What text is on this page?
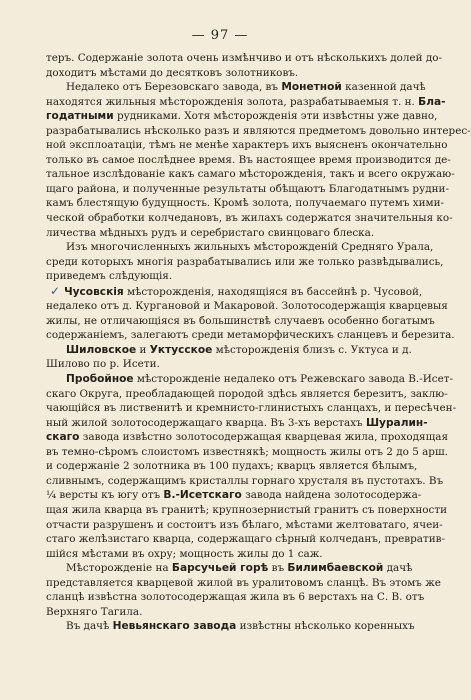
— 97 —

теръ. Содержаніе золота очень измѣнчиво и отъ нѣсколькихъ долей до-

доходитъ мѣстами до десятковъ золотниковъ.

Недалеко отъ Березовскаго завода, въ Монетной казенной дачѣ

находятся жильныя мѣсторожденія золота, разрабатываемыя т. н. Бла-

годатными рудниками. Хотя мѣсторожденія эти извѣстны уже давно,

разрабатывались нѣсколько разъ и являются предметомъ довольно интерес-

ной эксплоатаціи, тѣмъ не менѣе характеръ ихъ выясненъ окончательно

только въ самое послѣднее время. Въ настоящее время производится де-

тальное изслѣдованіе какъ самаго мѣсторожденія, такъ и всего окружаю-

щаго района, и полученные результаты обѣщаютъ Благодатнымъ рудни-

камъ блестящую будущность. Кромѣ золота, получаемаго путемъ хими-

ческой обработки колчедановъ, въ жилахъ содержатся значительныя ко-

личества мѣдныхъ рудъ и серебристаго свинцоваго блеска.

Изъ многочисленныхъ жильныхъ мѣсторожденій Средняго Урала,

среди которыхъ многія разрабатывались или же только развѣдывались,

приведемъ слѣдующія.

✓ Чусовскія мѣсторожденія, находящіяся въ бассейнѣ р. Чусовой,

недалеко отъ д. Кургановой и Макаровой. Золотосодержащія кварцевыя

жилы, не отличающіяся въ большинствѣ случаевъ особенно богатымъ

содержаніемъ, залегаютъ среди метаморфическихъ сланцевъ и березита.

Шиловское и Уктусское мѣсторожденія близъ с. Уктуса и д.

Шилово по р. Исети.

Пробойное мѣсторожденіе недалеко отъ Режевскаго завода В.-Исет-

скаго Округа, преобладающей породой здѣсь является березитъ, заклю-

чающійся въ лиственитѣ и кремнисто-глинистыхъ сланцахъ, и пересѣчен-

ный жилой золотосодержащаго кварца. Въ 3-хъ верстахъ Шуралин-

скаго завода извѣстно золотосодержащая кварцевая жила, проходящая

въ темно-сѣромъ слоистомъ известнякѣ; мощность жилы отъ 2 до 5 арш.

и содержаніе 2 золотника въ 100 пудахъ; кварцъ является бѣлымъ,

сливнымъ, содержащимъ кристаллы горнаго хрусталя въ пустотахъ. Въ

¼ версты къ югу отъ В.-Исетскаго завода найдена золотосодержа-

щая жила кварца въ гранитѣ; крупнозернистый гранитъ съ поверхности

отчасти разрушенъ и состоитъ изъ бѣлаго, мѣстами желтоватаго, ячеи-

стаго желѣзистаго кварца, содержащаго сѣрный колчеданъ, превратив-

шійся мѣстами въ охру; мощность жилы до 1 саж.

Мѣсторожденіе на Барсучьей горѣ въ Билимбаевской дачѣ

представляется кварцевой жилой въ уралитовомъ сланцѣ. Въ этомъ же

сланцѣ извѣстна золотосодержащая жила въ 6 верстахъ на С. В. отъ

Верхняго Тагила.

Въ дачѣ Невьянскаго завода извѣстны нѣсколько коренныхъ
